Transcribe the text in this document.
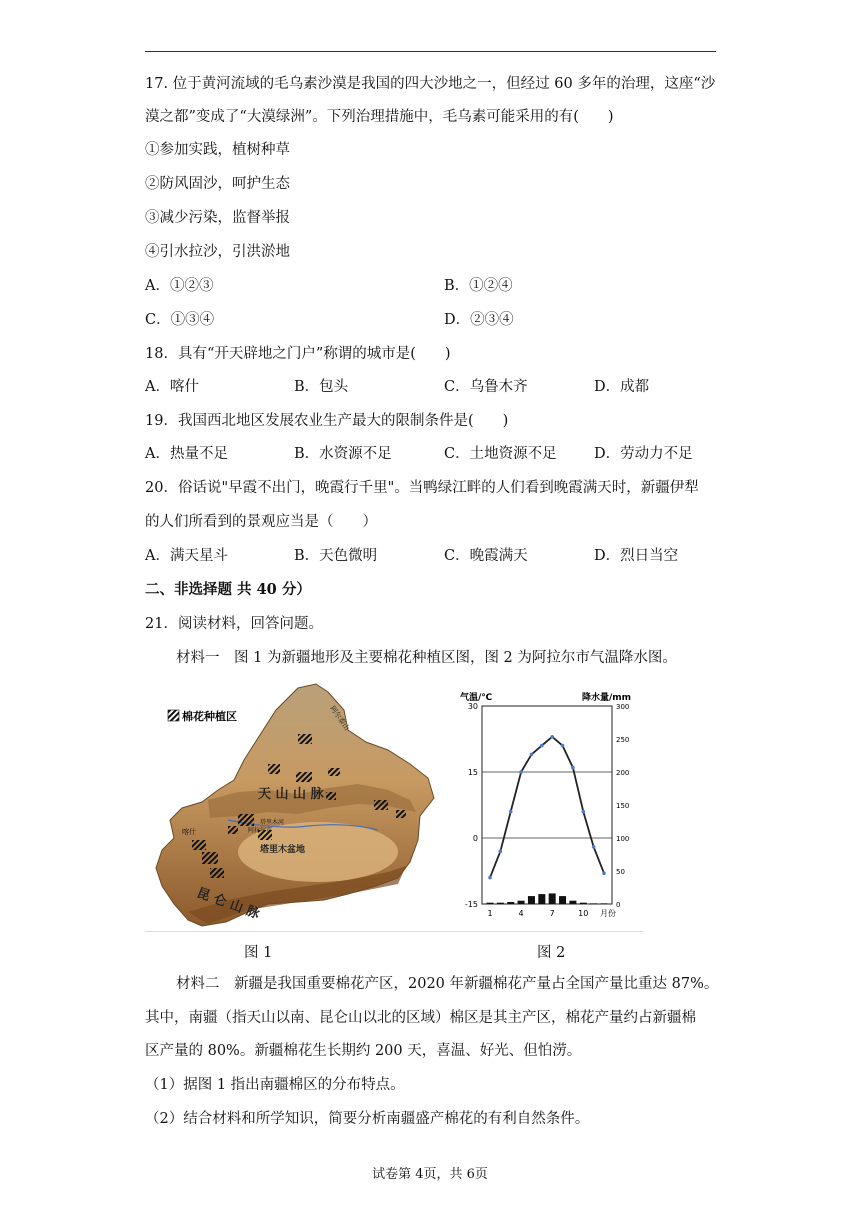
17. 位于黄河流域的毛乌素沙漠是我国的四大沙地之一，但经过 60 多年的治理，这座“沙
漠之都”变成了“大漠绿洲”。下列治理措施中，毛乌素可能采用的有(　　)
①参加实践，植树种草
②防风固沙，呵护生态
③减少污染，监督举报
④引水拉沙，引洪淤地
A．①②③	B．①②④
C．①③④	D．②③④
18．具有“开天辟地之门户”称谓的城市是(　　)
A．喀什	B．包头	C．乌鲁木齐	D．成都
19．我国西北地区发展农业生产最大的限制条件是(　　)
A．热量不足	B．水资源不足	C．土地资源不足	D．劳动力不足
20．俗话说"早霞不出门，晚霞行千里"。当鸭绿江畔的人们看到晚霞满天时，新疆伊犁
的人们所看到的景观应当是（　　）
A．满天星斗	B．天色微明	C．晚霞满天	D．烈日当空
二、非选择题 共 40 分）
21．阅读材料，回答问题。
材料一　图 1 为新疆地形及主要棉花种植区图，图 2 为阿拉尔市气温降水图。
棉花种植区	阿尔泰山
天 山 山 脉
塔里木盆地
昆 仑 山 脉
喀什	阿拉尔市
塔里木河
气温/℃	降水量/mm
30
15
0
-15
300
250
200
150
100
50
0
1	4	7	10 月份
图 1	图 2
材料二　新疆是我国重要棉花产区，2020 年新疆棉花产量占全国产量比重达 87%。
其中，南疆（指天山以南、昆仑山以北的区域）棉区是其主产区，棉花产量约占新疆棉
区产量的 80%。新疆棉花生长期约 200 天，喜温、好光、但怕涝。
（1）据图 1 指出南疆棉区的分布特点。
（2）结合材料和所学知识，简要分析南疆盛产棉花的有利自然条件。
试卷第 4页，共 6页
